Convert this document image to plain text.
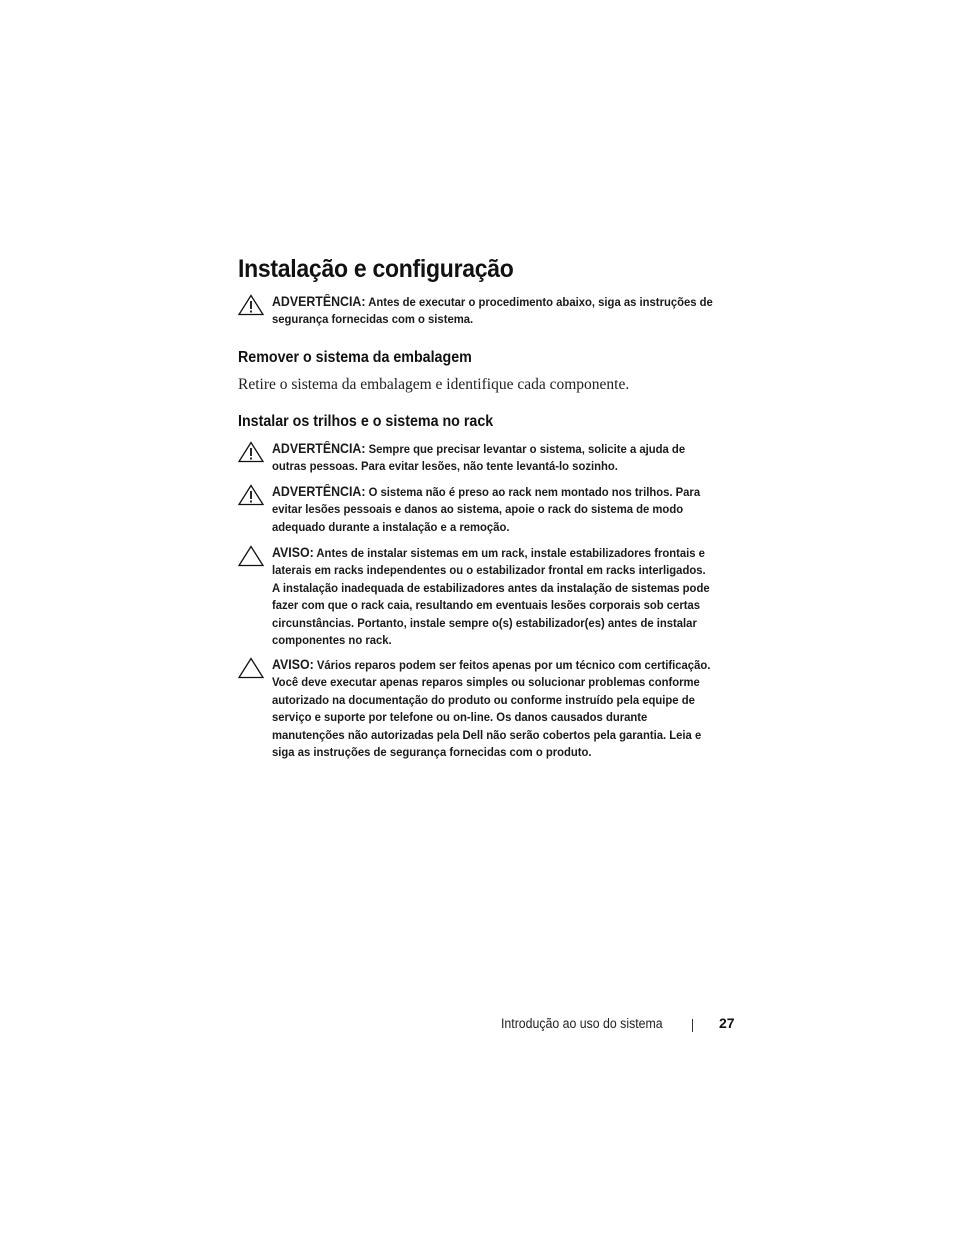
Instalação e configuração
ADVERTÊNCIA: Antes de executar o procedimento abaixo, siga as instruções de
segurança fornecidas com o sistema.
Remover o sistema da embalagem

Retire o sistema da embalagem e identifique cada componente.

Instalar os trilhos e o sistema no rack
ADVERTÊNCIA: Sempre que precisar levantar o sistema, solicite a ajuda de
outras pessoas. Para evitar lesões, não tente levantá-lo sozinho.
ADVERTÊNCIA: O sistema não é preso ao rack nem montado nos trilhos. Para
evitar lesões pessoais e danos ao sistema, apoie o rack do sistema de modo
adequado durante a instalação e a remoção.
AVISO: Antes de instalar sistemas em um rack, instale estabilizadores frontais e
laterais em racks independentes ou o estabilizador frontal em racks interligados.
A instalação inadequada de estabilizadores antes da instalação de sistemas pode
fazer com que o rack caia, resultando em eventuais lesões corporais sob certas
circunstâncias. Portanto, instale sempre o(s) estabilizador(es) antes de instalar
componentes no rack.
AVISO: Vários reparos podem ser feitos apenas por um técnico com certificação.
Você deve executar apenas reparos simples ou solucionar problemas conforme
autorizado na documentação do produto ou conforme instruído pela equipe de
serviço e suporte por telefone ou on-line. Os danos causados durante
manutenções não autorizadas pela Dell não serão cobertos pela garantia. Leia e
siga as instruções de segurança fornecidas com o produto.
Introdução ao uso do sistema	27
